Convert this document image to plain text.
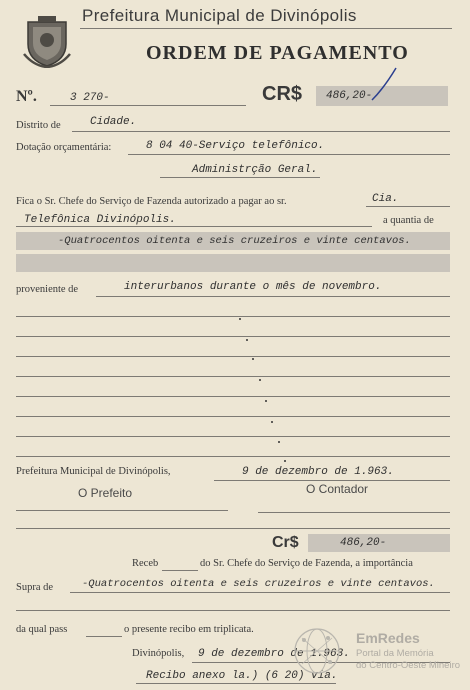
Prefeitura Municipal de Divinópolis
ORDEM DE PAGAMENTO
Nº.	3 270-	CR$ 486,20-
Distrito de	Cidade.
Dotação orçamentária:	8 04 40-Serviço telefônico.
Administrção Geral.
Fica o Sr. Chefe do Serviço de Fazenda autorizado a pagar ao sr.	Cia.
Telefônica Divinópolis.	a quantia de
-Quatrocentos oitenta e seis cruzeiros e vinte centavos.
proveniente de	interurbanos durante o mês de novembro.
Prefeitura Municipal de Divinópolis,	9 de dezembro de 1.963.
O Prefeito	O Contador
Cr$	486,20-
Receb	do Sr. Chefe do Serviço de Fazenda, a importância
Supra de	-Quatrocentos oitenta e seis cruzeiros e vinte centavos.
da qual pass	o presente recibo em triplicata.
Divinópolis, 9 de dezembro de 1.963.
Recibo anexo la.) (6 20) via.
EmRedes
Portal da Memória
do Centro-Oeste Mineiro
